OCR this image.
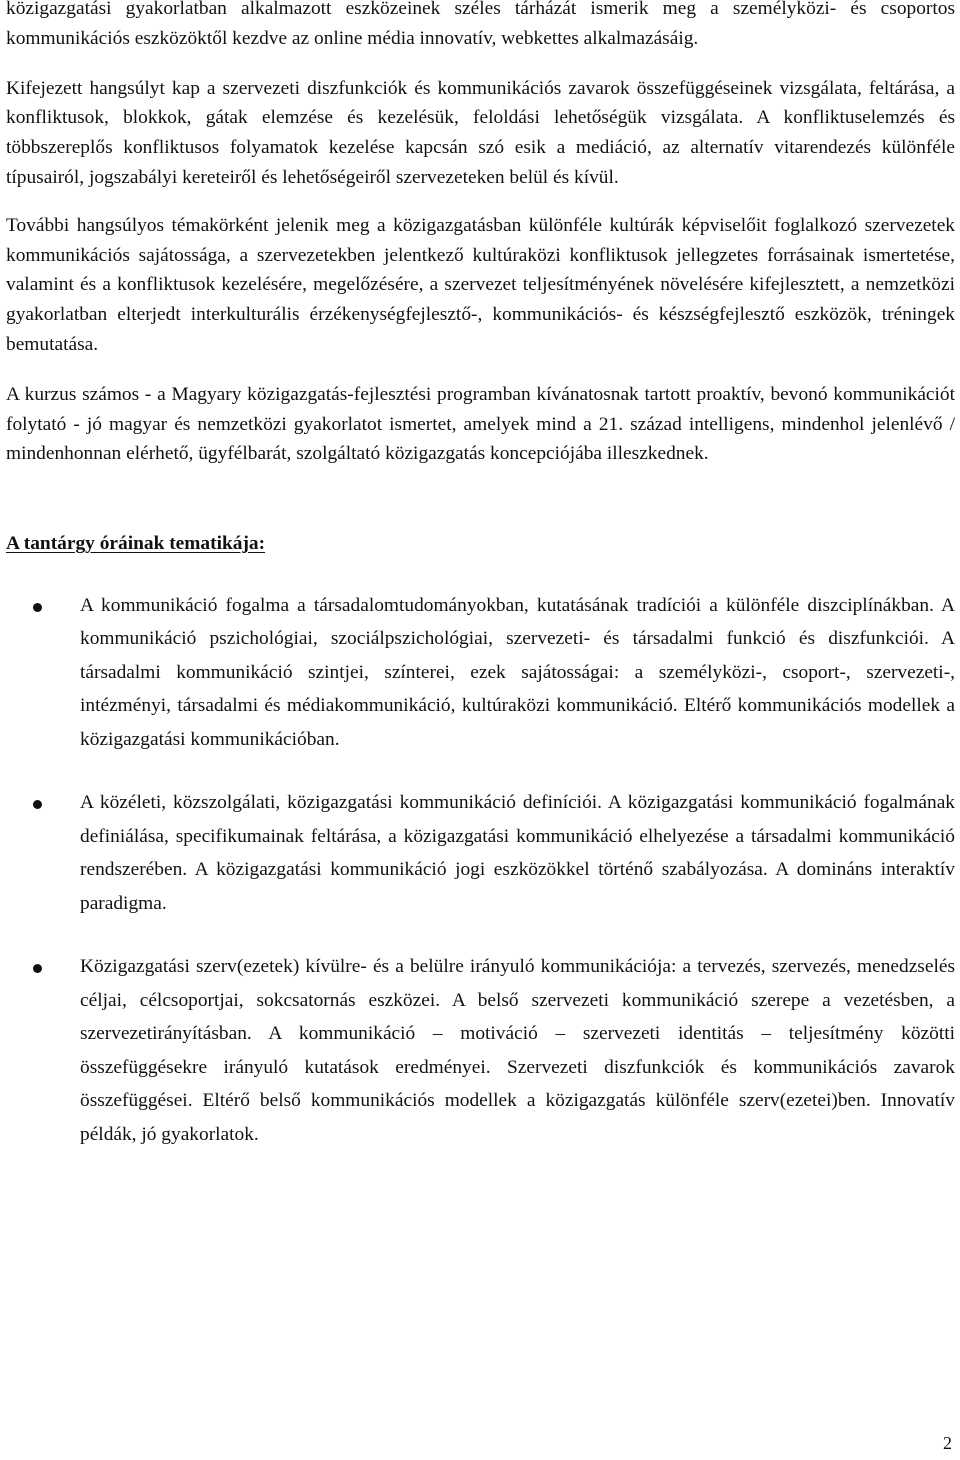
közigazgatási gyakorlatban alkalmazott eszközeinek széles tárházát ismerik meg a személyközi- és csoportos kommunikációs eszközöktől kezdve az online média innovatív, webkettes alkalmazásáig.

Kifejezett hangsúlyt kap a szervezeti diszfunkciók és kommunikációs zavarok összefüggéseinek vizsgálata, feltárása, a konfliktusok, blokkok, gátak elemzése és kezelésük, feloldási lehetőségük vizsgálata. A konfliktuselemzés és többszereplős konfliktusos folyamatok kezelése kapcsán szó esik a mediáció, az alternatív vitarendezés különféle típusairól, jogszabályi kereteiről és lehetőségeiről szervezeteken belül és kívül.

További hangsúlyos témakörként jelenik meg a közigazgatásban különféle kultúrák képviselőit foglalkozó szervezetek kommunikációs sajátossága, a szervezetekben jelentkező kultúraközi konfliktusok jellegzetes forrásainak ismertetése, valamint és a konfliktusok kezelésére, megelőzésére, a szervezet teljesítményének növelésére kifejlesztett, a nemzetközi gyakorlatban elterjedt interkulturális érzékenységfejlesztő-, kommunikációs- és készségfejlesztő eszközök, tréningek bemutatása.

A kurzus számos - a Magyary közigazgatás-fejlesztési programban kívánatosnak tartott proaktív, bevonó kommunikációt folytató - jó magyar és nemzetközi gyakorlatot ismertet, amelyek mind a 21. század intelligens, mindenhol jelenlévő / mindenhonnan elérhető, ügyfélbarát, szolgáltató közigazgatás koncepciójába illeszkednek.

A tantárgy óráinak tematikája:
A kommunikáció fogalma a társadalomtudományokban, kutatásának tradíciói a különféle diszciplínákban. A kommunikáció pszichológiai, szociálpszichológiai, szervezeti- és társadalmi funkció és diszfunkciói. A társadalmi kommunikáció szintjei, színterei, ezek sajátosságai: a személyközi-, csoport-, szervezeti-, intézményi, társadalmi és médiakommunikáció, kultúraközi kommunikáció. Eltérő kommunikációs modellek a közigazgatási kommunikációban.
A közéleti, közszolgálati, közigazgatási kommunikáció definíciói. A közigazgatási kommunikáció fogalmának definiálása, specifikumainak feltárása, a közigazgatási kommunikáció elhelyezése a társadalmi kommunikáció rendszerében. A közigazgatási kommunikáció jogi eszközökkel történő szabályozása. A domináns interaktív paradigma.
Közigazgatási szerv(ezetek) kívülre- és a belülre irányuló kommunikációja: a tervezés, szervezés, menedzselés céljai, célcsoportjai, sokcsatornás eszközei. A belső szervezeti kommunikáció szerepe a vezetésben, a szervezetirányításban. A kommunikáció – motiváció – szervezeti identitás – teljesítmény közötti összefüggésekre irányuló kutatások eredményei. Szervezeti diszfunkciók és kommunikációs zavarok összefüggései. Eltérő belső kommunikációs modellek a közigazgatás különféle szerv(ezetei)ben. Innovatív példák, jó gyakorlatok.
2
